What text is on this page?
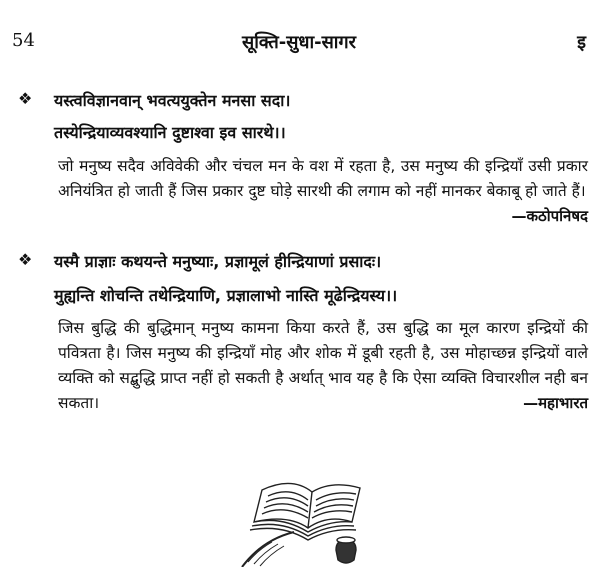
54	सूक्ति-सुधा-सागर	इ
❖ यस्त्वविज्ञानवान् भवत्ययुक्तेन मनसा सदा।
तस्येन्द्रियाव्यवश्यानि दुष्टाश्वा इव सारथे।।
जो मनुष्य सदैव अविवेकी और चंचल मन के वश में रहता है, उस मनुष्य की इन्द्रियाँ उसी प्रकार अनियंत्रित हो जाती हैं जिस प्रकार दुष्ट घोड़े सारथी की लगाम को नहीं मानकर बेकाबू हो जाते हैं।
—कठोपनिषद
❖ यस्मै प्राज्ञाः कथयन्ते मनुष्याः, प्रज्ञामूलं हीन्द्रियाणां प्रसादः।
मुह्यन्ति शोचन्ति तथेन्द्रियाणि, प्रज्ञालाभो नास्ति मूढेन्द्रियस्य।।
जिस बुद्धि की बुद्धिमान् मनुष्य कामना किया करते हैं, उस बुद्धि का मूल कारण इन्द्रियों की पवित्रता है। जिस मनुष्य की इन्द्रियाँ मोह और शोक में डूबी रहती है, उस मोहाच्छन्न इन्द्रियों वाले व्यक्ति को सद्बुद्धि प्राप्त नहीं हो सकती है अर्थात् भाव यह है कि ऐसा व्यक्ति विचारशील नही बन सकता।	—महाभारत
